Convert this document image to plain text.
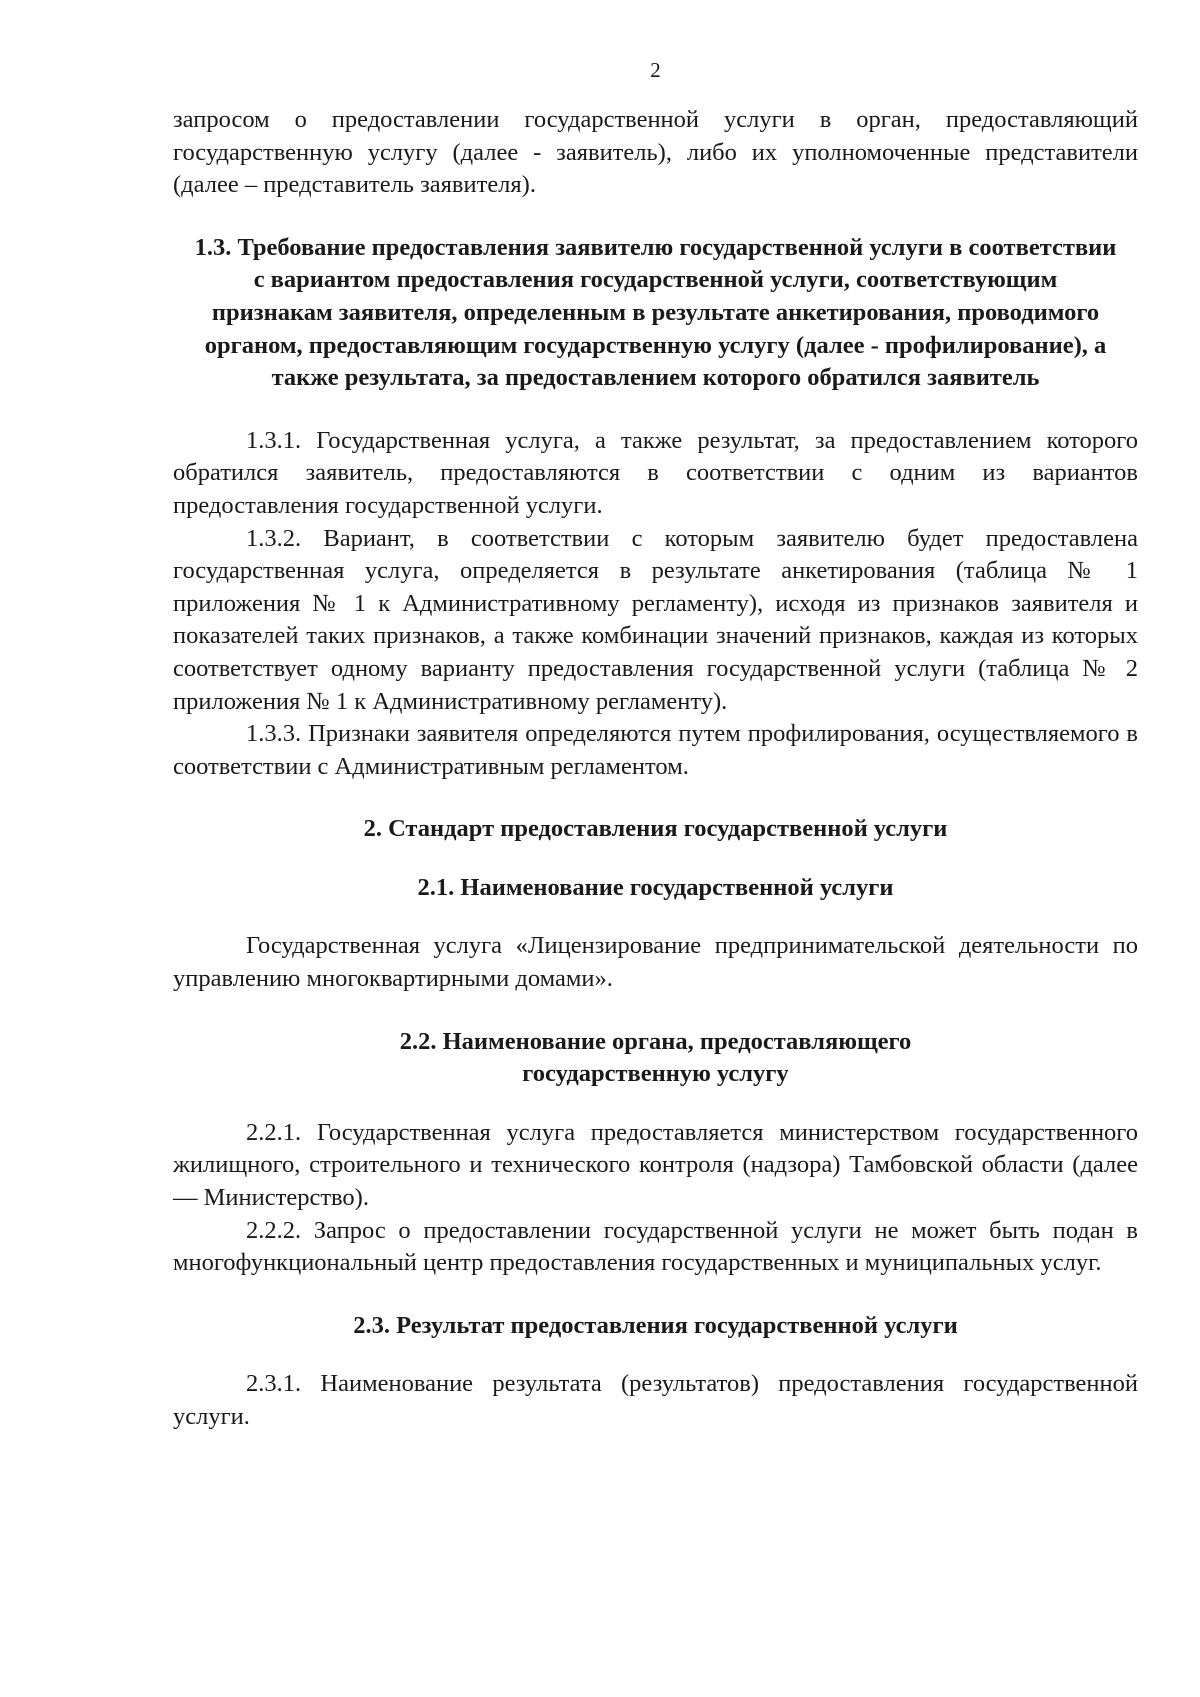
2

запросом о предоставлении государственной услуги в орган, предоставляющий государственную услугу (далее - заявитель), либо их уполномоченные представители (далее – представитель заявителя).

1.3. Требование предоставления заявителю государственной услуги в соответствии с вариантом предоставления государственной услуги, соответствующим признакам заявителя, определенным в результате анкетирования, проводимого органом, предоставляющим государственную услугу (далее - профилирование), а также результата, за предоставлением которого обратился заявитель

1.3.1. Государственная услуга, а также результат, за предоставлением которого обратился заявитель, предоставляются в соответствии с одним из вариантов предоставления государственной услуги.

1.3.2. Вариант, в соответствии с которым заявителю будет предоставлена государственная услуга, определяется в результате анкетирования (таблица № 1 приложения № 1 к Административному регламенту), исходя из признаков заявителя и показателей таких признаков, а также комбинации значений признаков, каждая из которых соответствует одному варианту предоставления государственной услуги (таблица № 2 приложения № 1 к Административному регламенту).

1.3.3. Признаки заявителя определяются путем профилирования, осуществляемого в соответствии с Административным регламентом.

2. Стандарт предоставления государственной услуги

2.1. Наименование государственной услуги

Государственная услуга «Лицензирование предпринимательской деятельности по управлению многоквартирными домами».

2.2. Наименование органа, предоставляющего

государственную услугу

2.2.1. Государственная услуга предоставляется министерством государственного жилищного, строительного и технического контроля (надзора) Тамбовской области (далее — Министерство).

2.2.2. Запрос о предоставлении государственной услуги не может быть подан в многофункциональный центр предоставления государственных и муниципальных услуг.

2.3. Результат предоставления государственной услуги

2.3.1. Наименование результата (результатов) предоставления государственной услуги.
